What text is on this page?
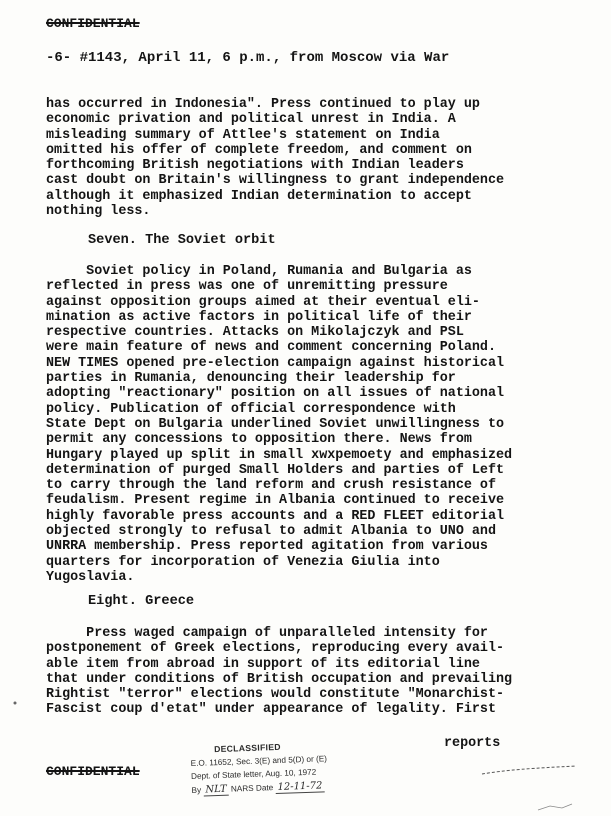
CONFIDENTIAL
-6- #1143, April 11, 6 p.m., from Moscow via War
has occurred in Indonesia". Press continued to play up
economic privation and political unrest in India. A
misleading summary of Attlee's statement on India
omitted his offer of complete freedom, and comment on
forthcoming British negotiations with Indian leaders
cast doubt on Britain's willingness to grant independence
although it emphasized Indian determination to accept
nothing less.
Seven. The Soviet orbit
Soviet policy in Poland, Rumania and Bulgaria as
reflected in press was one of unremitting pressure
against opposition groups aimed at their eventual eli-
mination as active factors in political life of their
respective countries. Attacks on Mikolajczyk and PSL
were main feature of news and comment concerning Poland.
NEW TIMES opened pre-election campaign against historical
parties in Rumania, denouncing their leadership for
adopting "reactionary" position on all issues of national
policy. Publication of official correspondence with
State Dept on Bulgaria underlined Soviet unwillingness to
permit any concessions to opposition there. News from
Hungary played up split in small xwxpemoety and emphasized
determination of purged Small Holders and parties of Left
to carry through the land reform and crush resistance of
feudalism. Present regime in Albania continued to receive
highly favorable press accounts and a RED FLEET editorial
objected strongly to refusal to admit Albania to UNO and
UNRRA membership. Press reported agitation from various
quarters for incorporation of Venezia Giulia into
Yugoslavia.
Eight. Greece
Press waged campaign of unparalleled intensity for
postponement of Greek elections, reproducing every avail-
able item from abroad in support of its editorial line
that under conditions of British occupation and prevailing
Rightist "terror" elections would constitute "Monarchist-
Fascist coup d'etat" under appearance of legality. First
reports
CONFIDENTIAL
DECLASSIFIED
E.O. 11652, Sec. 3(E) and 5(D) or (E)
Dept. of State letter, Aug. 10, 1972
By NLT NARS Date 12-11-72
